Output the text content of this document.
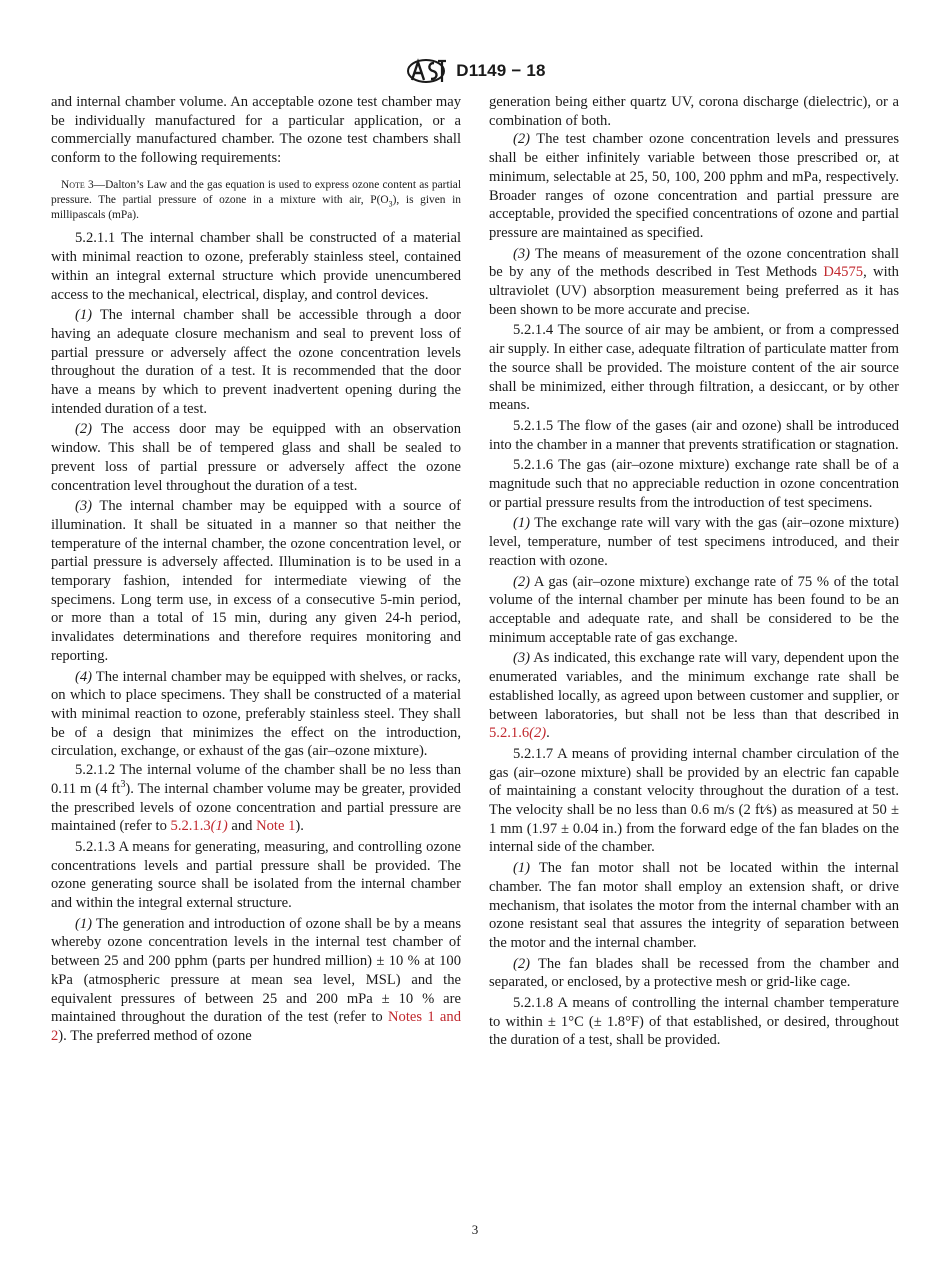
D1149 − 18

and internal chamber volume. An acceptable ozone test chamber may be individually manufactured for a particular application, or a commercially manufactured chamber. The ozone test chambers shall conform to the following requirements:

Note 3—Dalton’s Law and the gas equation is used to express ozone content as partial pressure. The partial pressure of ozone in a mixture with air, $P(O_3)$, is given in millipascals (mPa).

5.2.1.1 The internal chamber shall be constructed of a material with minimal reaction to ozone, preferably stainless steel, contained within an integral external structure which provide unencumbered access to the mechanical, electrical, display, and control devices.

(1) The internal chamber shall be accessible through a door having an adequate closure mechanism and seal to prevent loss of partial pressure or adversely affect the ozone concentration levels throughout the duration of a test. It is recommended that the door have a means by which to prevent inadvertent opening during the intended duration of a test.

(2) The access door may be equipped with an observation window. This shall be of tempered glass and shall be sealed to prevent loss of partial pressure or adversely affect the ozone concentration level throughout the duration of a test.

(3) The internal chamber may be equipped with a source of illumination. It shall be situated in a manner so that neither the temperature of the internal chamber, the ozone concentration level, or partial pressure is adversely affected. Illumination is to be used in a temporary fashion, intended for intermediate viewing of the specimens. Long term use, in excess of a consecutive 5-min period, or more than a total of 15 min, during any given 24-h period, invalidates determinations and therefore requires monitoring and reporting.

(4) The internal chamber may be equipped with shelves, or racks, on which to place specimens. They shall be constructed of a material with minimal reaction to ozone, preferably stainless steel. They shall be of a design that minimizes the effect on the introduction, circulation, exchange, or exhaust of the gas (air–ozone mixture).

5.2.1.2 The internal volume of the chamber shall be no less than 0.11 m (4 $ft^3$). The internal chamber volume may be greater, provided the prescribed levels of ozone concentration and partial pressure are maintained (refer to 5.2.1.3(1) and Note 1).

5.2.1.3 A means for generating, measuring, and controlling ozone concentrations levels and partial pressure shall be provided. The ozone generating source shall be isolated from the internal chamber and within the integral external structure.

(1) The generation and introduction of ozone shall be by a means whereby ozone concentration levels in the internal test chamber of between 25 and 200 pphm (parts per hundred million) ± 10 % at 100 kPa (atmospheric pressure at mean sea level, MSL) and the equivalent pressures of between 25 and 200 mPa ± 10 % are maintained throughout the duration of the test (refer to Notes 1 and 2). The preferred method of ozone

generation being either quartz UV, corona discharge (dielectric), or a combination of both.

(2) The test chamber ozone concentration levels and pressures shall be either infinitely variable between those prescribed or, at minimum, selectable at 25, 50, 100, 200 pphm and mPa, respectively. Broader ranges of ozone concentration and partial pressure are acceptable, provided the specified concentrations of ozone and partial pressure are maintained as specified.

(3) The means of measurement of the ozone concentration shall be by any of the methods described in Test Methods D4575, with ultraviolet (UV) absorption measurement being preferred as it has been shown to be more accurate and precise.

5.2.1.4 The source of air may be ambient, or from a compressed air supply. In either case, adequate filtration of particulate matter from the source shall be provided. The moisture content of the air source shall be minimized, either through filtration, a desiccant, or by other means.

5.2.1.5 The flow of the gases (air and ozone) shall be introduced into the chamber in a manner that prevents stratification or stagnation.

5.2.1.6 The gas (air–ozone mixture) exchange rate shall be of a magnitude such that no appreciable reduction in ozone concentration or partial pressure results from the introduction of test specimens.

(1) The exchange rate will vary with the gas (air–ozone mixture) level, temperature, number of test specimens introduced, and their reaction with ozone.

(2) A gas (air–ozone mixture) exchange rate of 75 % of the total volume of the internal chamber per minute has been found to be an acceptable and adequate rate, and shall be considered to be the minimum acceptable rate of gas exchange.

(3) As indicated, this exchange rate will vary, dependent upon the enumerated variables, and the minimum exchange rate shall be established locally, as agreed upon between customer and supplier, or between laboratories, but shall not be less than that described in 5.2.1.6(2).

5.2.1.7 A means of providing internal chamber circulation of the gas (air–ozone mixture) shall be provided by an electric fan capable of maintaining a constant velocity throughout the duration of a test. The velocity shall be no less than 0.6 m/s (2 ft⁄s) as measured at 50 ± 1 mm (1.97 ± 0.04 in.) from the forward edge of the fan blades on the internal side of the chamber.

(1) The fan motor shall not be located within the internal chamber. The fan motor shall employ an extension shaft, or drive mechanism, that isolates the motor from the internal chamber with an ozone resistant seal that assures the integrity of separation between the motor and the internal chamber.

(2) The fan blades shall be recessed from the chamber and separated, or enclosed, by a protective mesh or grid-like cage.

5.2.1.8 A means of controlling the internal chamber temperature to within ± 1°C (± 1.8°F) of that established, or desired, throughout the duration of a test, shall be provided.

3
